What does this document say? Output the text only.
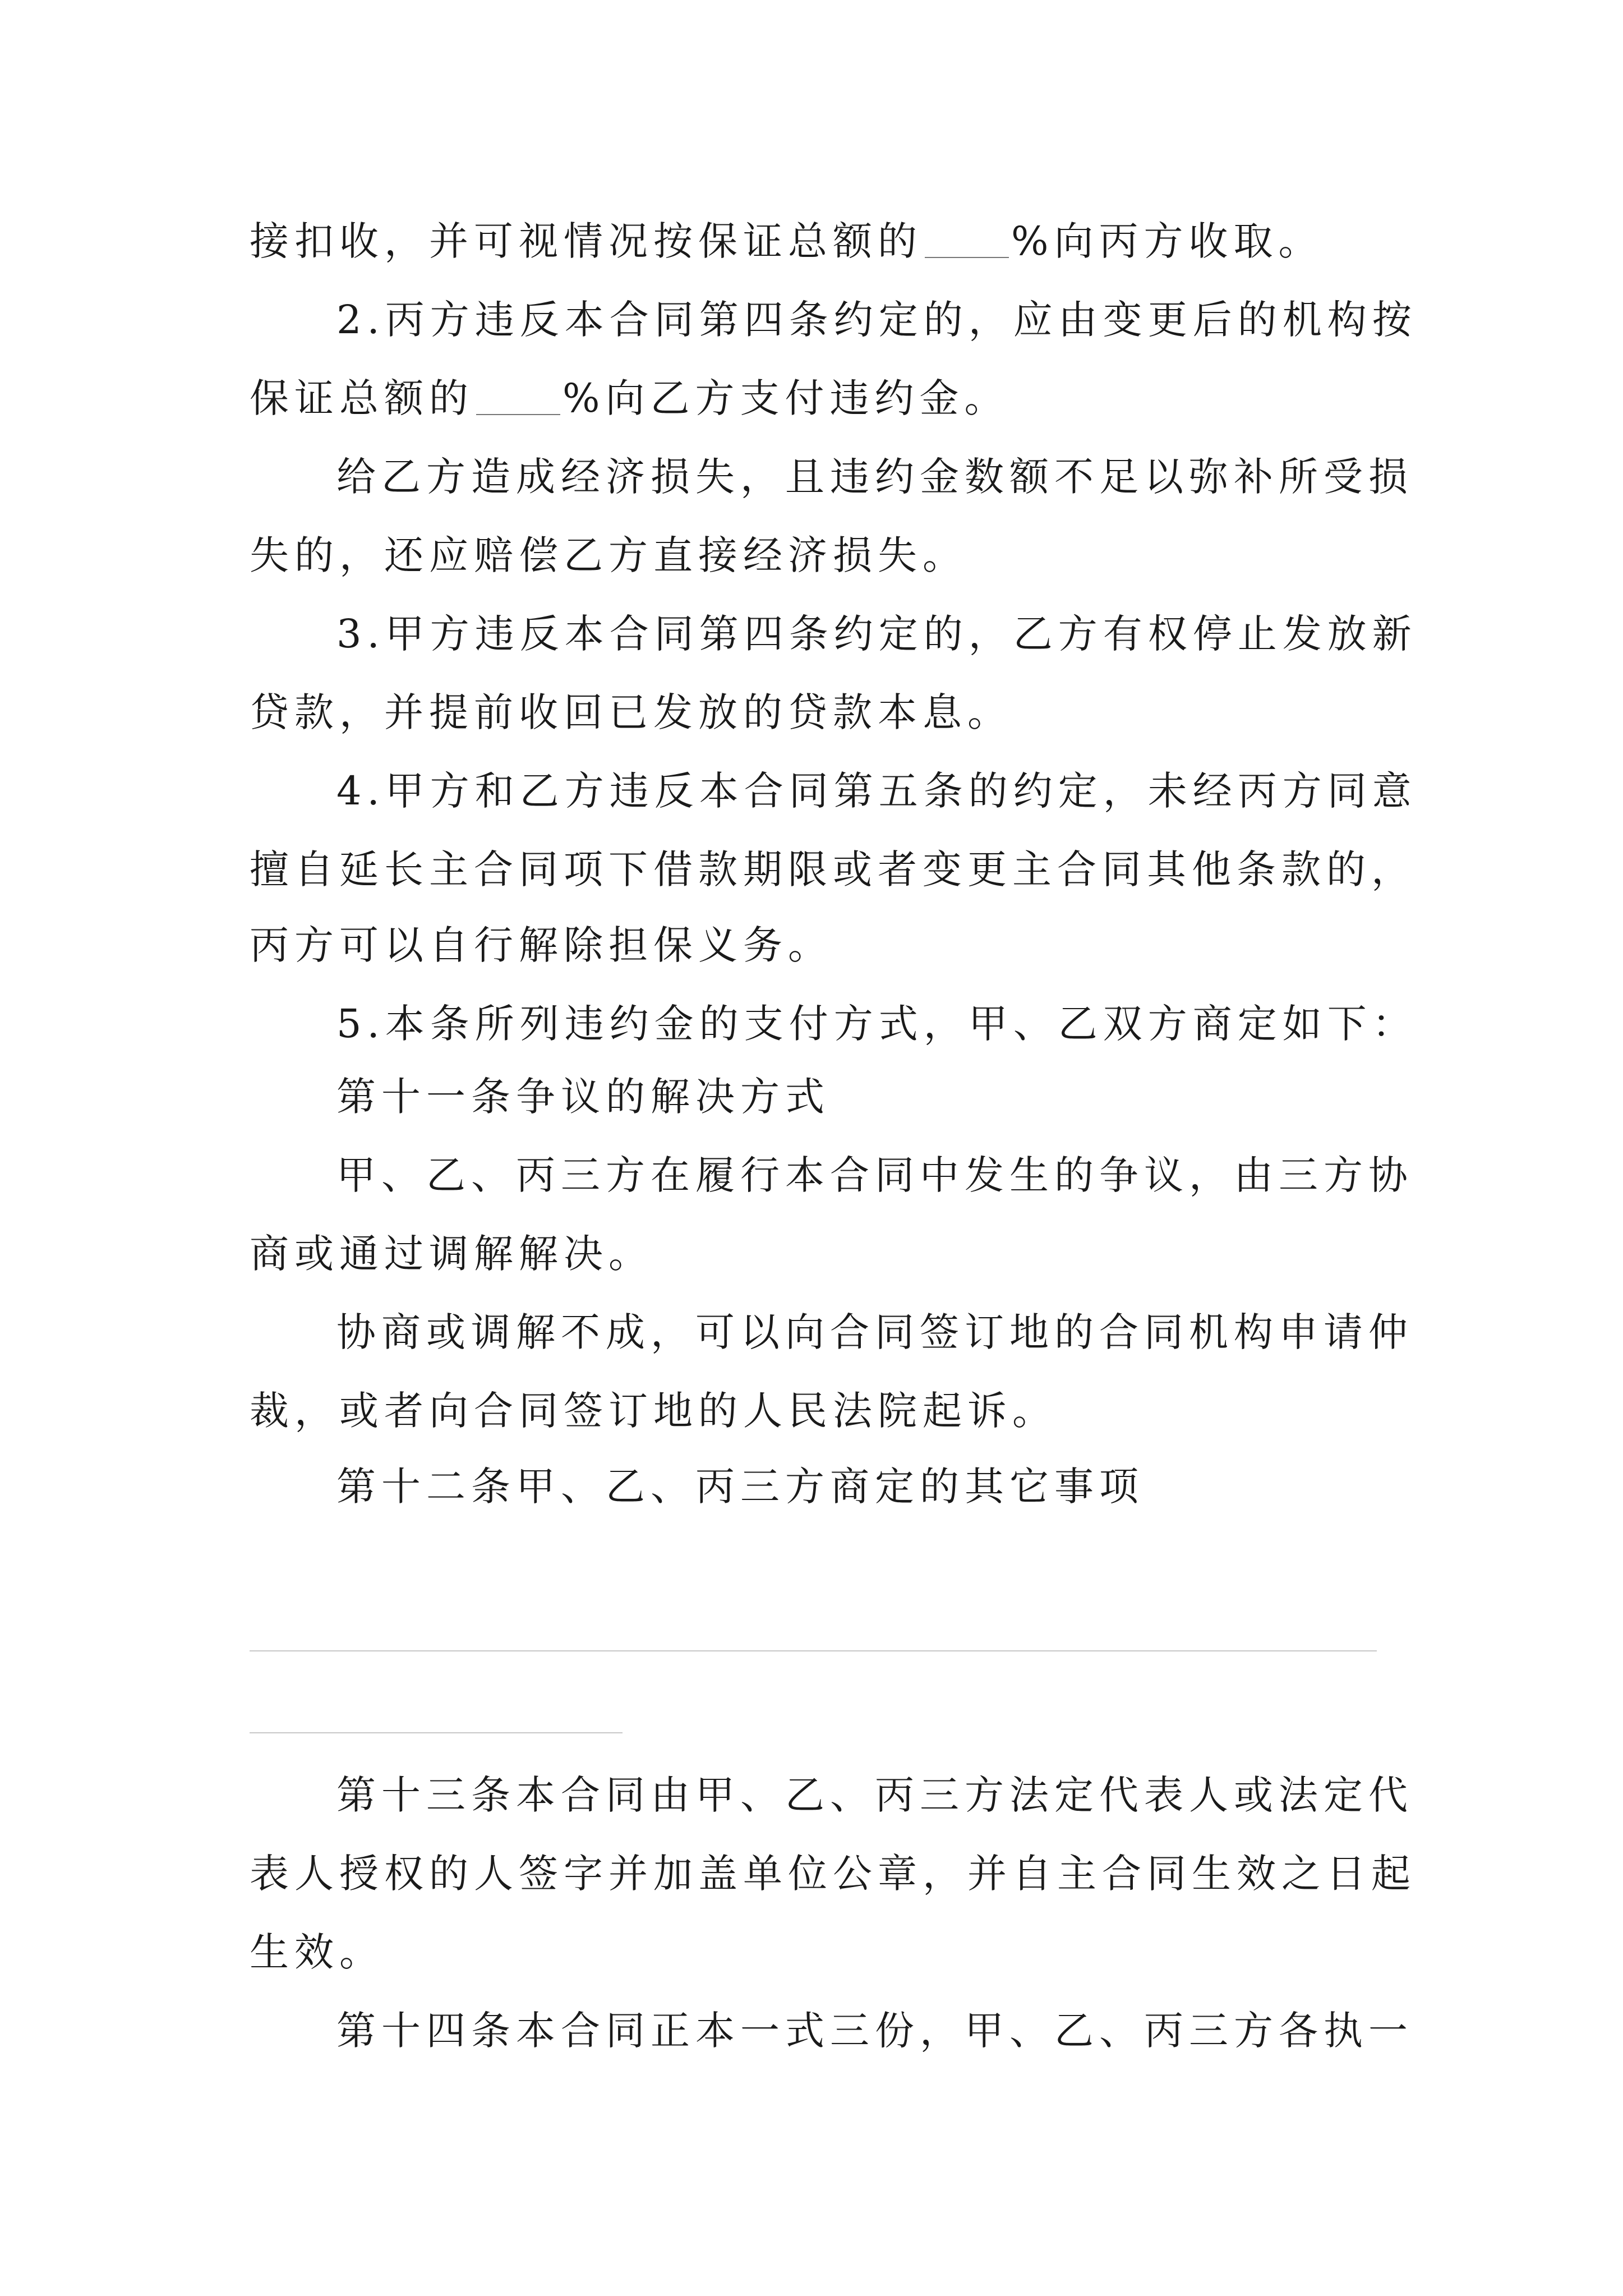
接扣收，并可视情况按保证总额的 %向丙方收取。

2.丙方违反本合同第四条约定的，应由变更后的机构按

保证总额的 %向乙方支付违约金。

给乙方造成经济损失，且违约金数额不足以弥补所受损

失的，还应赔偿乙方直接经济损失。

3.甲方违反本合同第四条约定的，乙方有权停止发放新

贷款，并提前收回已发放的贷款本息。

4.甲方和乙方违反本合同第五条的约定，未经丙方同意

擅自延长主合同项下借款期限或者变更主合同其他条款的，

丙方可以自行解除担保义务。

5.本条所列违约金的支付方式，甲、乙双方商定如下：

第十一条争议的解决方式

甲、乙、丙三方在履行本合同中发生的争议，由三方协

商或通过调解解决。

协商或调解不成，可以向合同签订地的合同机构申请仲

裁，或者向合同签订地的人民法院起诉。

第十二条甲、乙、丙三方商定的其它事项

第十三条本合同由甲、乙、丙三方法定代表人或法定代

表人授权的人签字并加盖单位公章，并自主合同生效之日起

生效。

第十四条本合同正本一式三份，甲、乙、丙三方各执一
